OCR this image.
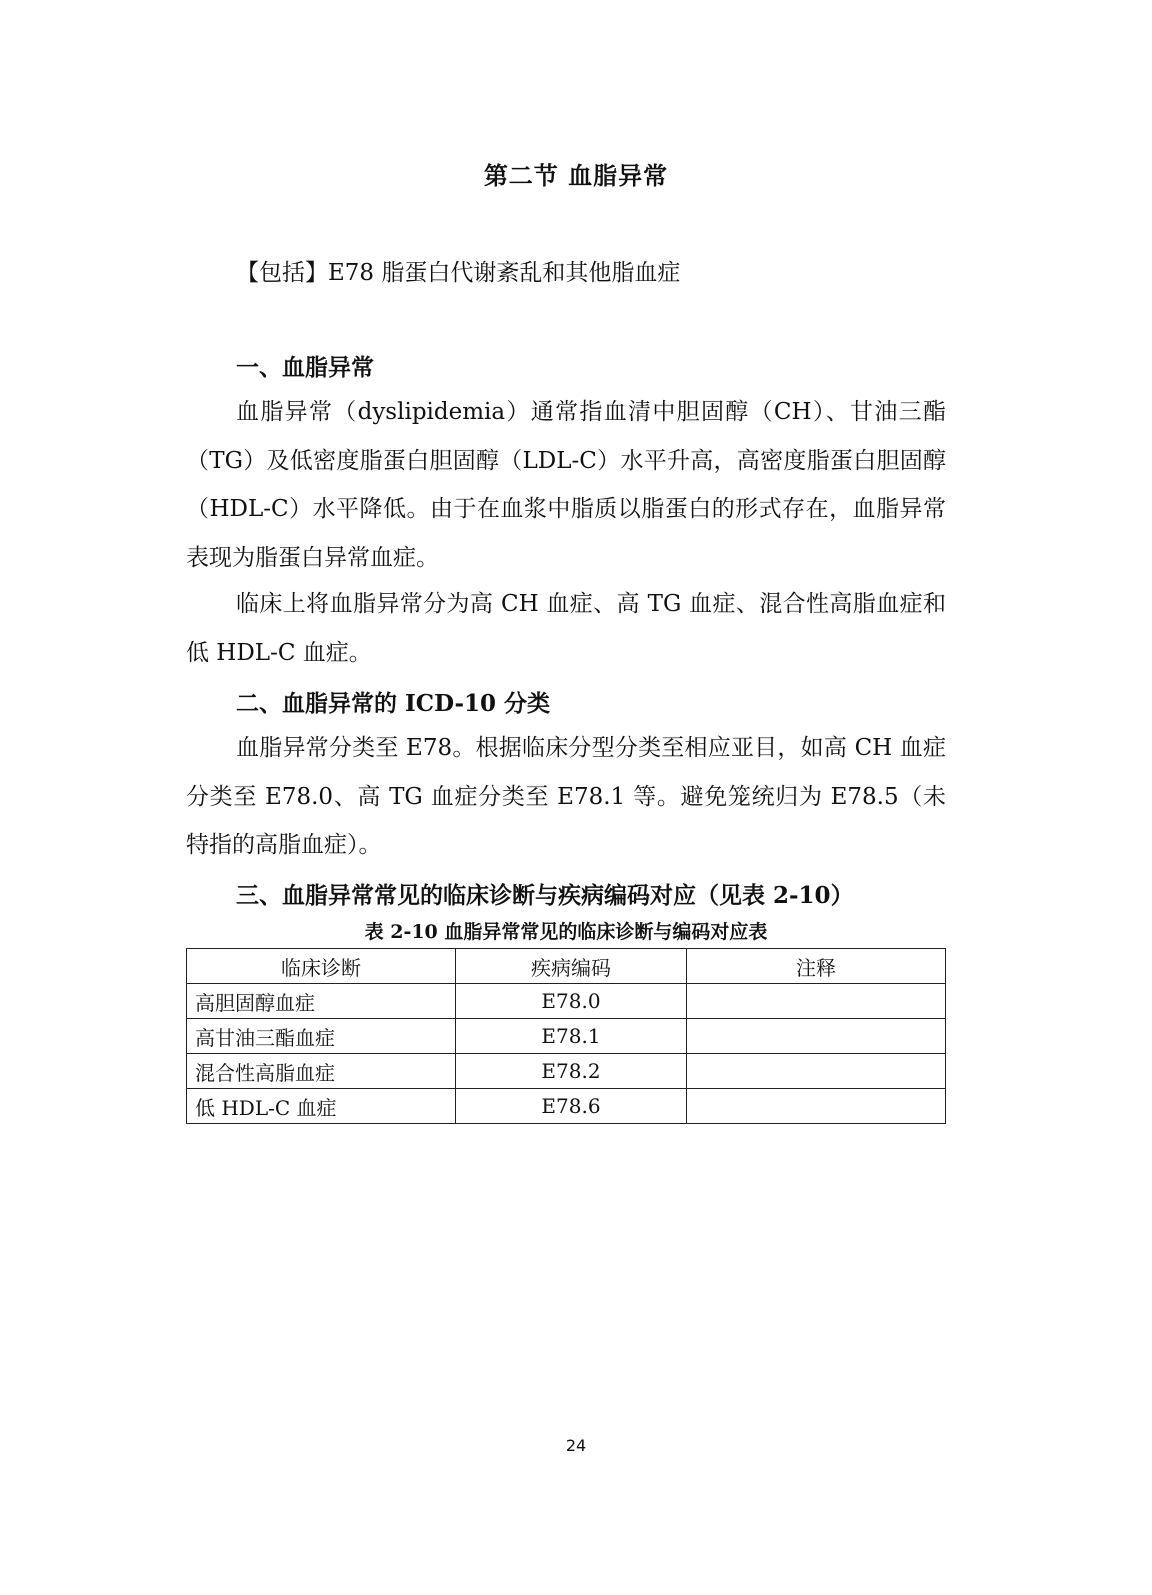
第二节 血脂异常
【包括】E78 脂蛋白代谢紊乱和其他脂血症
一、血脂异常

血脂异常（dyslipidemia）通常指血清中胆固醇（CH）、甘油三酯（TG）及低密度脂蛋白胆固醇（LDL-C）水平升高，高密度脂蛋白胆固醇（HDL-C）水平降低。由于在血浆中脂质以脂蛋白的形式存在，血脂异常表现为脂蛋白异常血症。

临床上将血脂异常分为高 CH 血症、高 TG 血症、混合性高脂血症和低 HDL-C 血症。

二、血脂异常的 ICD-10 分类

血脂异常分类至 E78。根据临床分型分类至相应亚目，如高 CH 血症分类至 E78.0、高 TG 血症分类至 E78.1 等。避免笼统归为 E78.5（未特指的高脂血症）。

三、血脂异常常见的临床诊断与疾病编码对应（见表 2-10）
表 2-10 血脂异常常见的临床诊断与编码对应表
临床诊断	疾病编码	注释
高胆固醇血症	E78.0	
高甘油三酯血症	E78.1	
混合性高脂血症	E78.2	
低 HDL-C 血症	E78.6	
24
